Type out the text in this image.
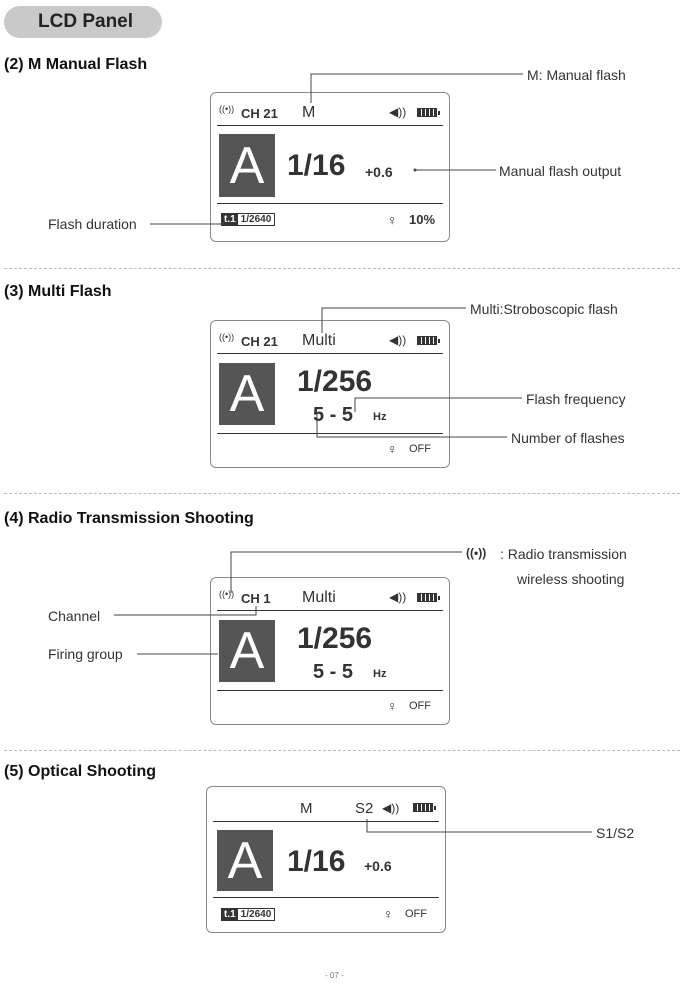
LCD Panel
(2) M Manual Flash
((•)) CH 21 M	◀))
A 1/16 +0.6
t.1 1/2640	♀ 10%
M: Manual flash
Manual flash output
Flash duration
(3) Multi Flash
((•)) CH 21 Multi	◀))
A	1/256
5 - 5 Hz
♀ OFF
Multi:Stroboscopic flash
Flash frequency
Number of flashes
(4) Radio Transmission Shooting
((•)) CH 1 Multi	◀))
A	1/256
5 - 5 Hz
♀ OFF
((•)) : Radio transmission
wireless shooting
Channel
Firing group
(5) Optical Shooting
M	S2 ◀))
A 1/16 +0.6
t.1 1/2640	♀ OFF
S1/S2
- 07 -
